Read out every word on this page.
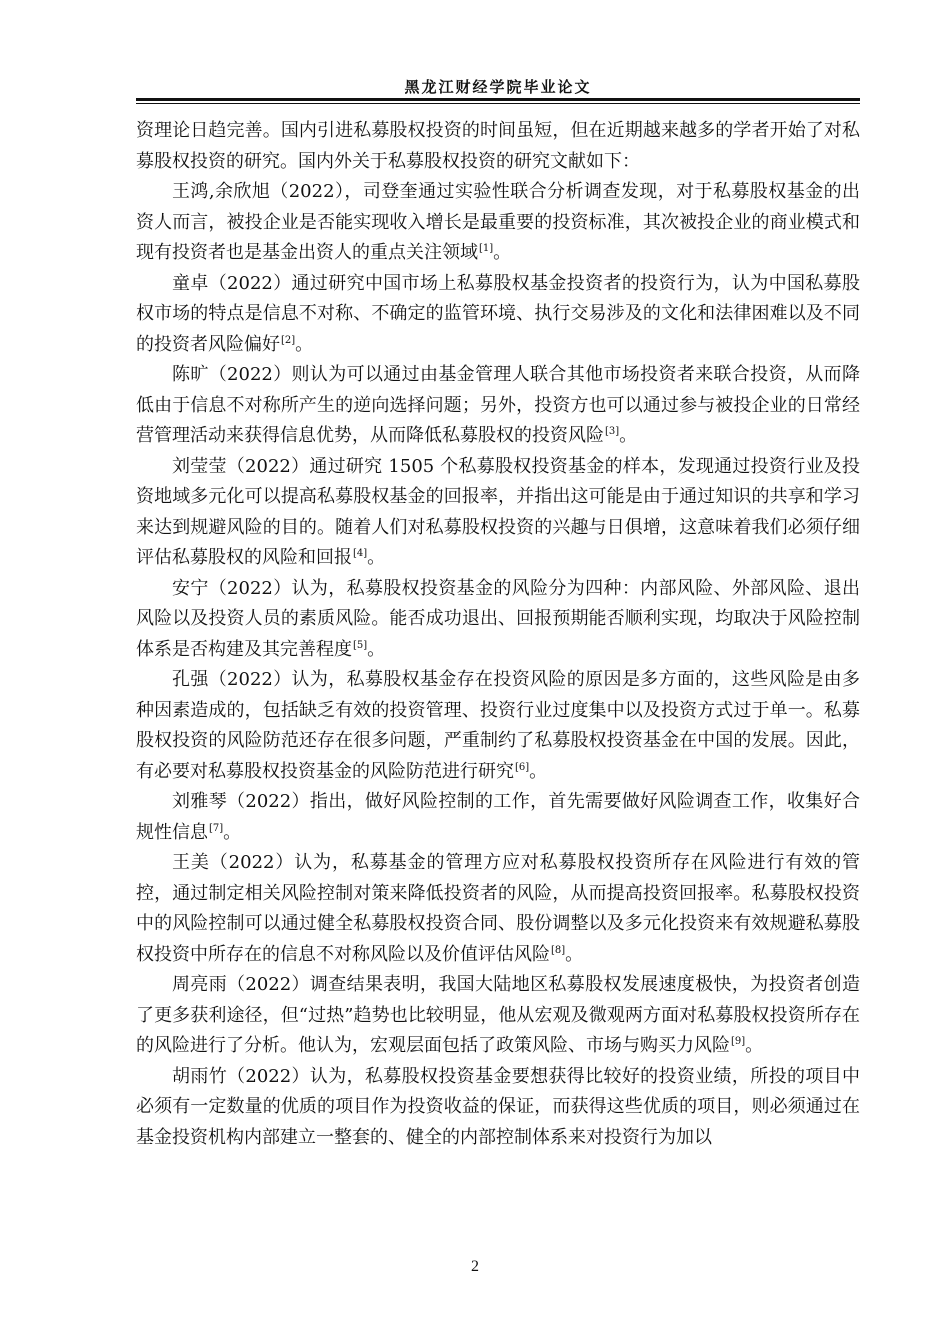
黑龙江财经学院毕业论文

资理论日趋完善。国内引进私募股权投资的时间虽短，但在近期越来越多的学者开始了对私募股权投资的研究。国内外关于私募股权投资的研究文献如下：

王鸿,余欣旭（2022），司登奎通过实验性联合分析调查发现，对于私募股权基金的出资人而言，被投企业是否能实现收入增长是最重要的投资标准，其次被投企业的商业模式和现有投资者也是基金出资人的重点关注领域[1]。

童卓（2022）通过研究中国市场上私募股权基金投资者的投资行为，认为中国私募股权市场的特点是信息不对称、不确定的监管环境、执行交易涉及的文化和法律困难以及不同的投资者风险偏好[2]。

陈旷（2022）则认为可以通过由基金管理人联合其他市场投资者来联合投资，从而降低由于信息不对称所产生的逆向选择问题；另外，投资方也可以通过参与被投企业的日常经营管理活动来获得信息优势，从而降低私募股权的投资风险[3]。

刘莹莹（2022）通过研究 1505 个私募股权投资基金的样本，发现通过投资行业及投资地域多元化可以提高私募股权基金的回报率，并指出这可能是由于通过知识的共享和学习来达到规避风险的目的。随着人们对私募股权投资的兴趣与日俱增，这意味着我们必须仔细评估私募股权的风险和回报[4]。

安宁（2022）认为，私募股权投资基金的风险分为四种：内部风险、外部风险、退出风险以及投资人员的素质风险。能否成功退出、回报预期能否顺利实现，均取决于风险控制体系是否构建及其完善程度[5]。

孔强（2022）认为，私募股权基金存在投资风险的原因是多方面的，这些风险是由多种因素造成的，包括缺乏有效的投资管理、投资行业过度集中以及投资方式过于单一。私募股权投资的风险防范还存在很多问题，严重制约了私募股权投资基金在中国的发展。因此，有必要对私募股权投资基金的风险防范进行研究[6]。

刘雅琴（2022）指出，做好风险控制的工作，首先需要做好风险调查工作，收集好合规性信息[7]。

王美（2022）认为，私募基金的管理方应对私募股权投资所存在风险进行有效的管控，通过制定相关风险控制对策来降低投资者的风险，从而提高投资回报率。私募股权投资中的风险控制可以通过健全私募股权投资合同、股份调整以及多元化投资来有效规避私募股权投资中所存在的信息不对称风险以及价值评估风险[8]。

周亮雨（2022）调查结果表明，我国大陆地区私募股权发展速度极快，为投资者创造了更多获利途径，但“过热”趋势也比较明显，他从宏观及微观两方面对私募股权投资所存在的风险进行了分析。他认为，宏观层面包括了政策风险、市场与购买力风险[9]。

胡雨竹（2022）认为，私募股权投资基金要想获得比较好的投资业绩，所投的项目中必须有一定数量的优质的项目作为投资收益的保证，而获得这些优质的项目，则必须通过在基金投资机构内部建立一整套的、健全的内部控制体系来对投资行为加以

2
